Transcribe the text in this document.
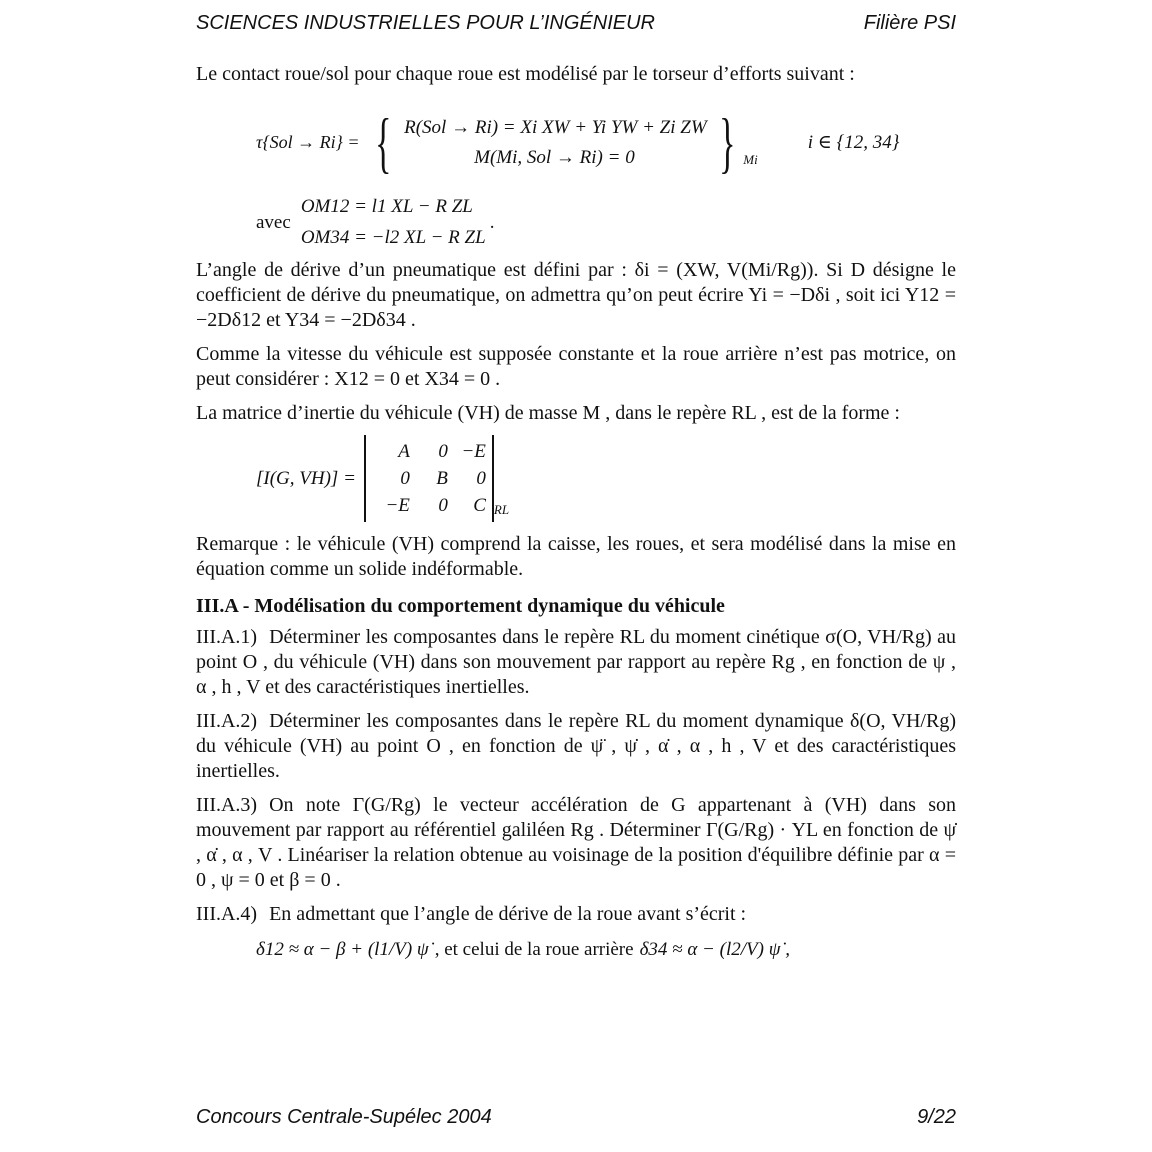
SCIENCES INDUSTRIELLES POUR L’INGÉNIEUR	Filière PSI

Le contact roue/sol pour chaque roue est modélisé par le torseur d’efforts suivant :

τ{Sol → Ri} = { R(Sol → Ri) = Xi XW + Yi YW + Zi ZW
M(Mi, Sol → Ri) = 0	} $_{Mi}$
i ∈ {12, 34}
avec
OM12 = l1 XL − R ZL
OM34 = −l2 XL − R ZL
.

L’angle de dérive d’un pneumatique est défini par : δi = (XW, V(Mi/Rg)). Si D désigne le coefficient de dérive du pneumatique, on admettra qu’on peut écrire Yi = −Dδi , soit ici Y12 = −2Dδ12 et Y34 = −2Dδ34 .

Comme la vitesse du véhicule est supposée constante et la roue arrière n’est pas motrice, on peut considérer : X12 = 0 et X34 = 0 .

La matrice d’inertie du véhicule (VH) de masse M , dans le repère RL , est de la forme :

[I(G, VH)] =
A	0 −E
0	B	0
−E	0	C $_{RL}$

Remarque : le véhicule (VH) comprend la caisse, les roues, et sera modélisé dans la mise en équation comme un solide indéformable.

III.A - Modélisation du comportement dynamique du véhicule

III.A.1) Déterminer les composantes dans le repère RL du moment cinétique σ(O, VH/Rg) au point O , du véhicule (VH) dans son mouvement par rapport au repère Rg , en fonction de ψ , α , h , V et des caractéristiques inertielles.

III.A.2) Déterminer les composantes dans le repère RL du moment dynamique δ(O, VH/Rg) du véhicule (VH) au point O , en fonction de ψ̈ , ψ̇ , α̇ , α , h , V et des caractéristiques inertielles.

III.A.3) On note Γ(G/Rg) le vecteur accélération de G appartenant à (VH) dans son mouvement par rapport au référentiel galiléen Rg . Déterminer Γ(G/Rg) · YL en fonction de ψ̇ , α̇ , α , V . Linéariser la relation obtenue au voisinage de la position d'équilibre définie par α = 0 , ψ = 0 et β = 0 .

III.A.4) En admettant que l’angle de dérive de la roue avant s’écrit :

δ12 ≈ α − β + (l1/V) ψ̇ , et celui de la roue arrière δ34 ≈ α − (l2/V) ψ̇ ,
Concours Centrale-Supélec 2004	9/22
